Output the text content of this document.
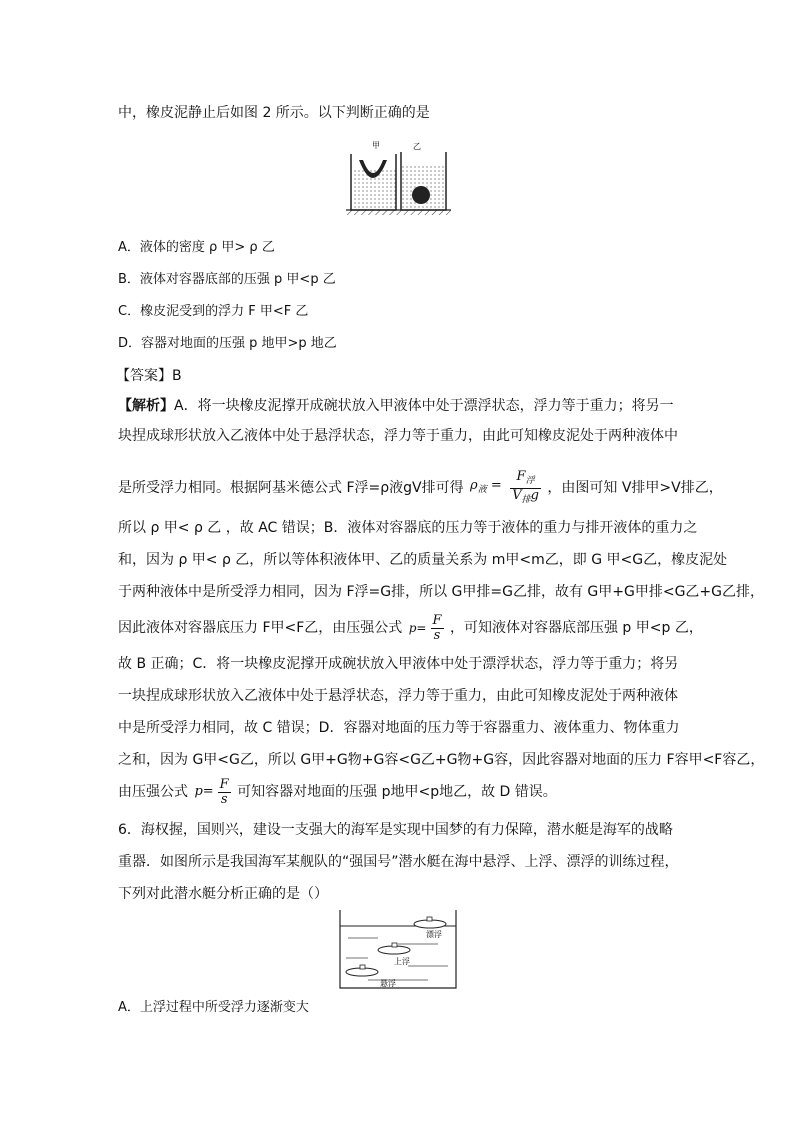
中，橡皮泥静止后如图 2 所示。以下判断正确的是
甲	乙
A．液体的密度 ρ 甲> ρ 乙
B．液体对容器底部的压强 p 甲<p 乙
C．橡皮泥受到的浮力 F 甲<F 乙
D．容器对地面的压强 p 地甲>p 地乙
【答案】B
【解析】A．将一块橡皮泥撑开成碗状放入甲液体中处于漂浮状态，浮力等于重力；将另一
块捏成球形状放入乙液体中处于悬浮状态，浮力等于重力，由此可知橡皮泥处于两种液体中
是所受浮力相同。根据阿基米德公式 F浮=ρ液gV排可得 $\rho_液 = \frac{F_浮}{V_排g}$ ，由图可知 V排甲>V排乙，
所以 ρ 甲< ρ 乙 ，故 AC 错误；B．液体对容器底的压力等于液体的重力与排开液体的重力之
和，因为 ρ 甲< ρ 乙，所以等体积液体甲、乙的质量关系为 m甲<m乙，即 G 甲<G乙，橡皮泥处
于两种液体中是所受浮力相同，因为 F浮=G排，所以 G甲排=G乙排，故有 G甲+G甲排<G乙+G乙排，
因此液体对容器底压力 F甲<F乙，由压强公式 $p= \frac{F}{s}$ ，可知液体对容器底部压强 p 甲<p 乙，
故 B 正确；C．将一块橡皮泥撑开成碗状放入甲液体中处于漂浮状态，浮力等于重力；将另
一块捏成球形状放入乙液体中处于悬浮状态，浮力等于重力，由此可知橡皮泥处于两种液体
中是所受浮力相同，故 C 错误；D．容器对地面的压力等于容器重力、液体重力、物体重力
之和，因为 G甲<G乙，所以 G甲+G物+G容<G乙+G物+G容，因此容器对地面的压力 F容甲<F容乙，
由压强公式 $p= \frac{F}{s}$ 可知容器对地面的压强 p地甲<p地乙，故 D 错误。
6．海权握，国则兴，建设一支强大的海军是实现中国梦的有力保障，潜水艇是海军的战略
重器．如图所示是我国海军某舰队的“强国号”潜水艇在海中悬浮、上浮、漂浮的训练过程，
下列对此潜水艇分析正确的是（）
漂浮
上浮
悬浮
A．上浮过程中所受浮力逐渐变大
